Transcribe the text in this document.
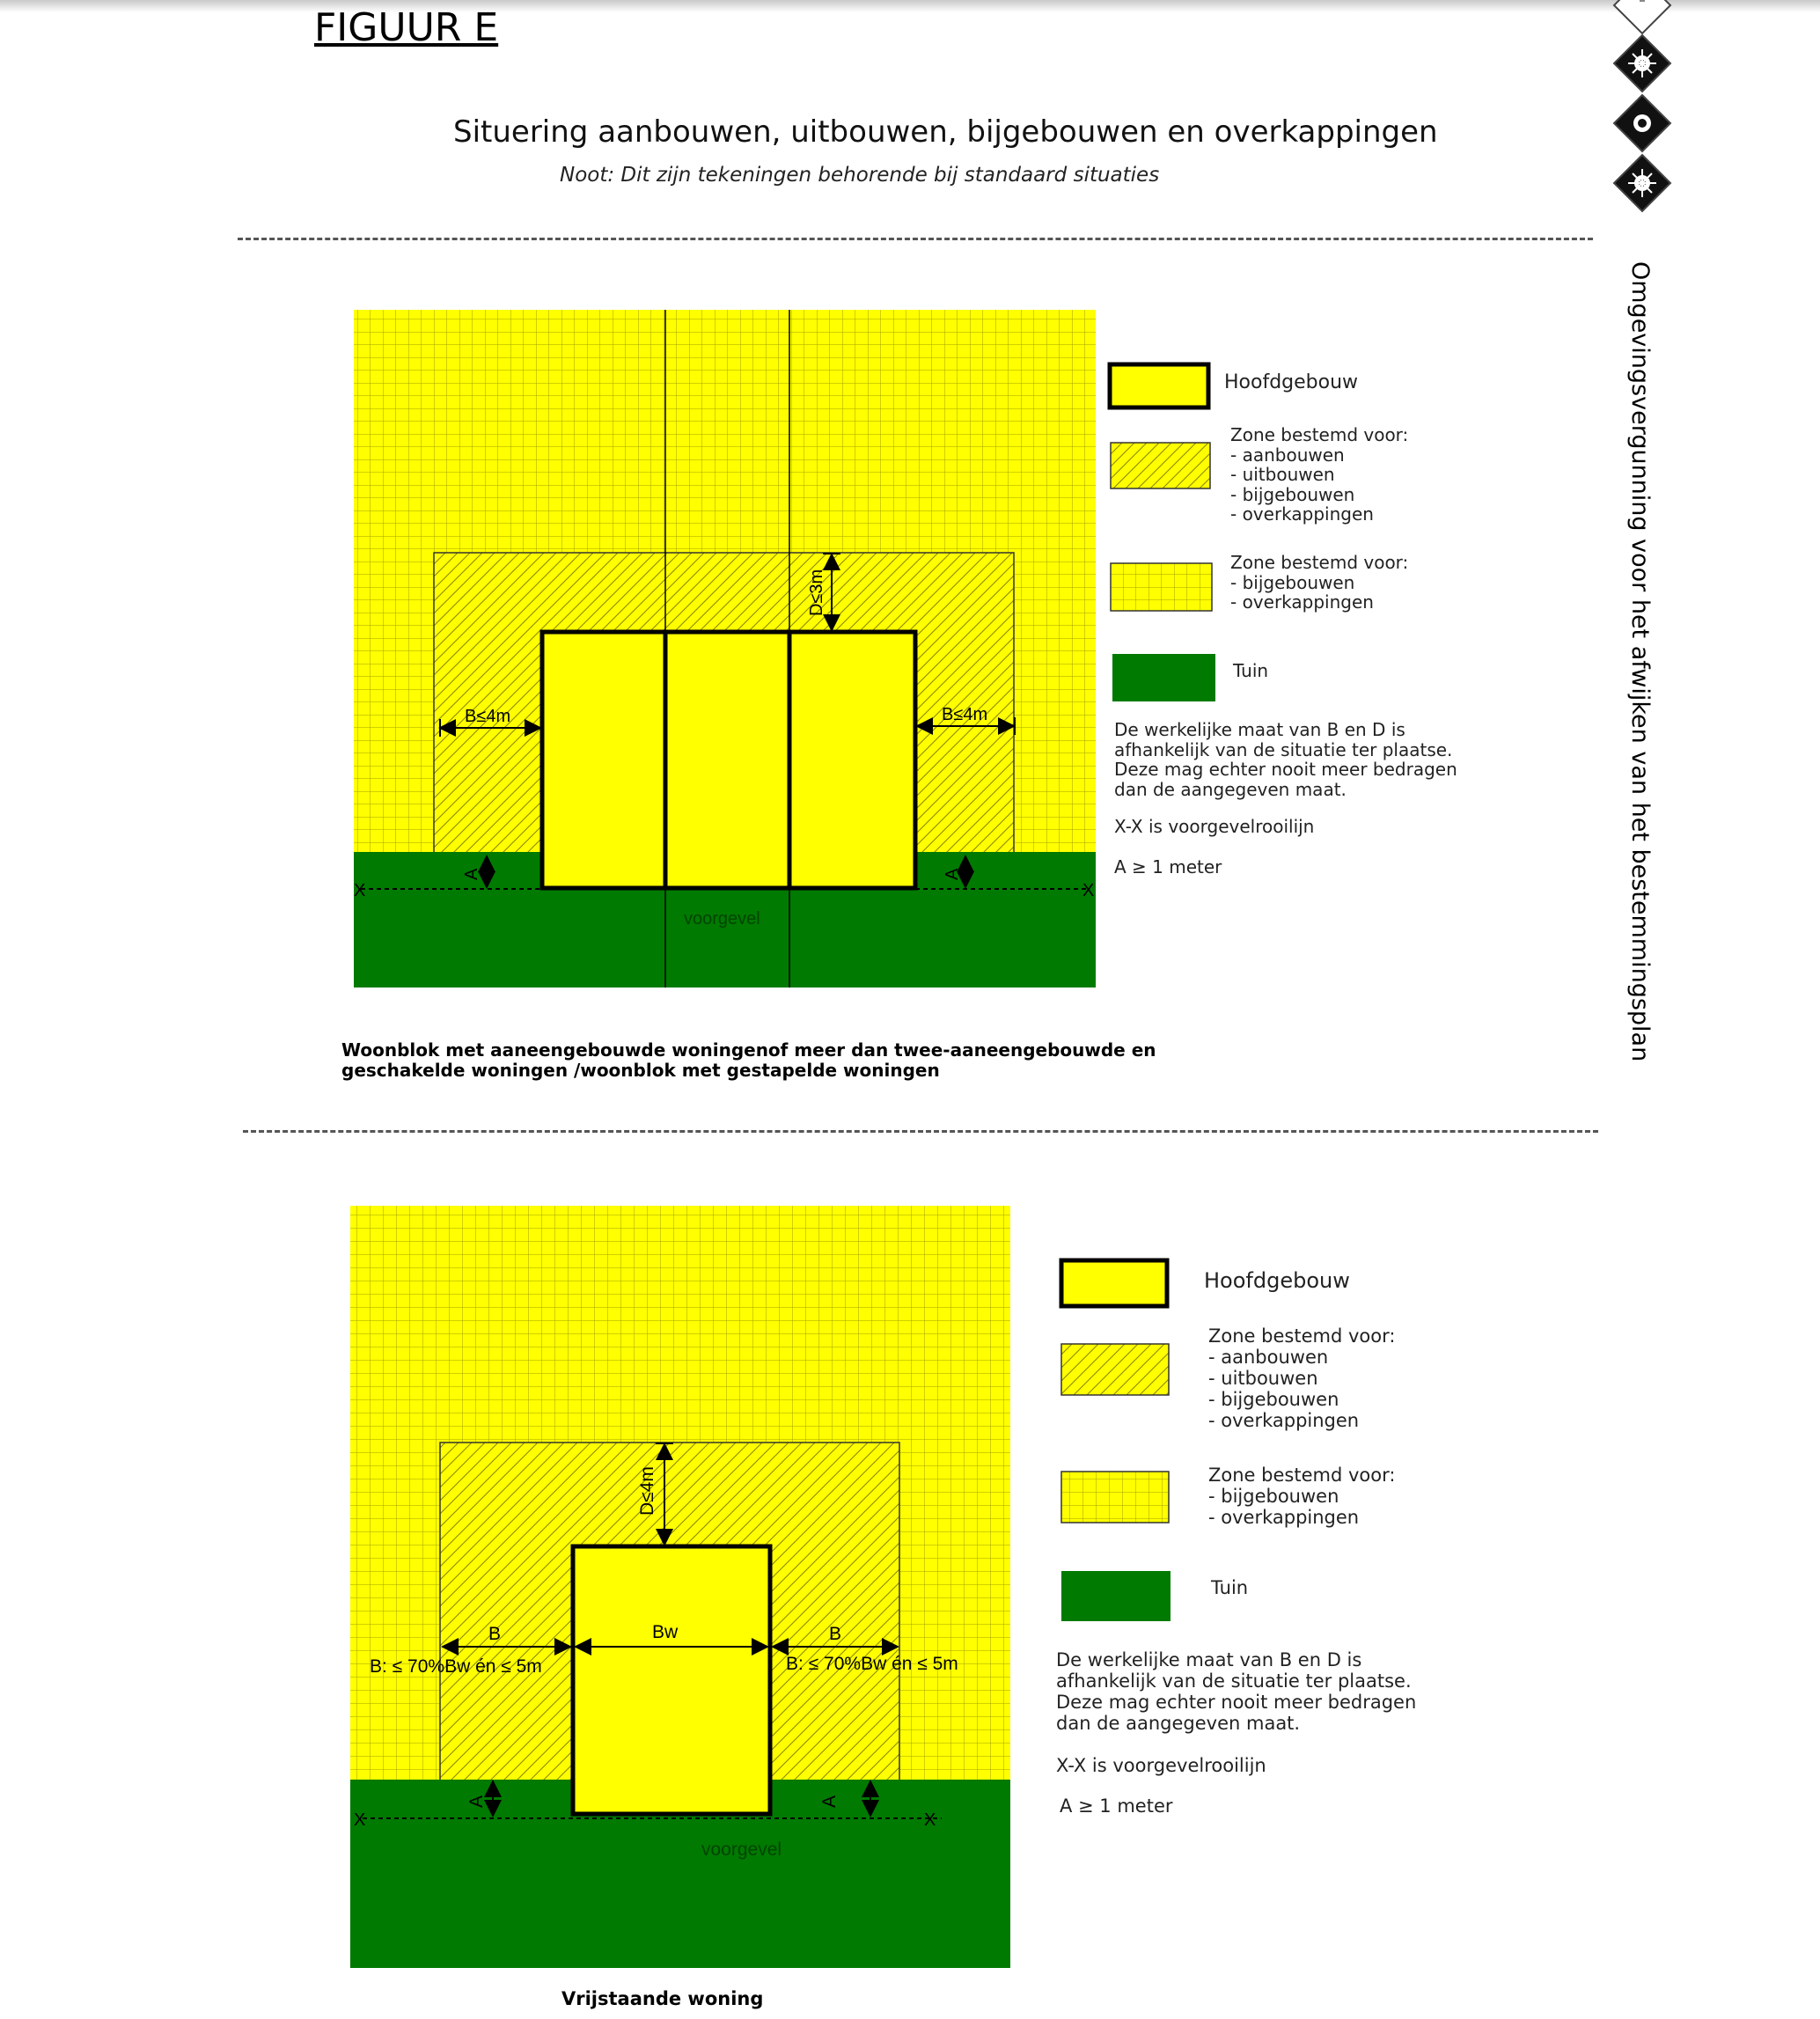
FIGUUR E
Situering aanbouwen, uitbouwen, bijgebouwen en overkappingen
Noot: Dit zijn tekeningen behorende bij standaard situaties
Omgevingsvergunning voor het afwijken van het bestemmingsplan
X	X
B≤4m	B≤4m
D≤3m
A	A
voorgevel
Hoofdgebouw
Zone bestemd voor:
- aanbouwen
- uitbouwen
- bijgebouwen
- overkappingen
Zone bestemd voor:
- bijgebouwen
- overkappingen
Tuin
De werkelijke maat van B en D is
afhankelijk van de situatie ter plaatse.
Deze mag echter nooit meer bedragen
dan de aangegeven maat.
X-X is voorgevelrooilijn
A ≥ 1 meter
Woonblok met aaneengebouwde woningenof meer dan twee-aaneengebouwde en
geschakelde woningen /woonblok met gestapelde woningen
X	X
B	Bw	B
B: ≤ 70%Bw én ≤ 5m	B: ≤ 70%Bw én ≤ 5m
D≤4m
A	A
voorgevel
Hoofdgebouw
Zone bestemd voor:
- aanbouwen
- uitbouwen
- bijgebouwen
- overkappingen
Zone bestemd voor:
- bijgebouwen
- overkappingen
Tuin
De werkelijke maat van B en D is
afhankelijk van de situatie ter plaatse.
Deze mag echter nooit meer bedragen
dan de aangegeven maat.
X-X is voorgevelrooilijn
A ≥ 1 meter
Vrijstaande woning
